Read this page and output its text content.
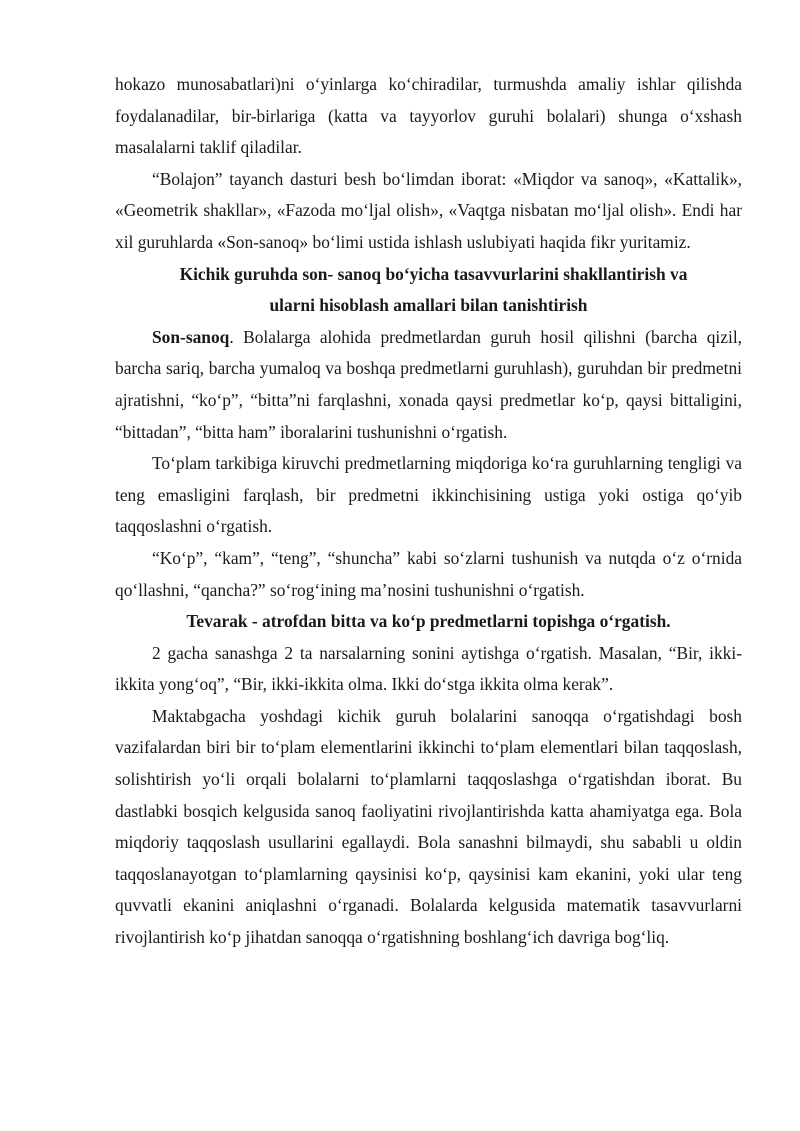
hokazo munosabatlari)ni o‘yinlarga ko‘chiradilar, turmushda amaliy ishlar qilishda foydalanadilar, bir-birlariga (katta va tayyorlov guruhi bolalari) shunga o‘xshash masalalarni taklif qiladilar.

“Bolajon” tayanch dasturi besh bo‘limdan iborat: «Miqdor va sanoq», «Kattalik», «Geometrik shakllar», «Fazoda mo‘ljal olish», «Vaqtga nisbatan mo‘ljal olish». Endi har xil guruhlarda «Son-sanoq» bo‘limi ustida ishlash uslubiyati haqida fikr yuritamiz.

Kichik guruhda son- sanoq bo‘yicha tasavvurlarini shakllantirish va

ularni hisoblash amallari bilan tanishtirish

Son-sanoq. Bolalarga alohida predmetlardan guruh hosil qilishni (barcha qizil, barcha sariq, barcha yumaloq va boshqa predmetlarni guruhlash), guruhdan bir predmetni ajratishni, “ko‘p”, “bitta”ni farqlashni, xonada qaysi predmetlar ko‘p, qaysi bittaligini, “bittadan”, “bitta ham” iboralarini tushunishni o‘rgatish.

To‘plam tarkibiga kiruvchi predmetlarning miqdoriga ko‘ra guruhlarning tengligi va teng emasligini farqlash, bir predmetni ikkinchisining ustiga yoki ostiga qo‘yib taqqoslashni o‘rgatish.

“Ko‘p”, “kam”, “teng”, “shuncha” kabi so‘zlarni tushunish va nutqda o‘z o‘rnida qo‘llashni, “qancha?” so‘rog‘ining ma’nosini tushunishni o‘rgatish.

Tevarak - atrofdan bitta va ko‘p predmetlarni topishga o‘rgatish.

2 gacha sanashga 2 ta narsalarning sonini aytishga o‘rgatish. Masalan, “Bir, ikki-ikkita yong‘oq”, “Bir, ikki-ikkita olma. Ikki do‘stga ikkita olma kerak”.

Maktabgacha yoshdagi kichik guruh bolalarini sanoqqa o‘rgatishdagi bosh vazifalardan biri bir to‘plam elementlarini ikkinchi to‘plam elementlari bilan taqqoslash, solishtirish yo‘li orqali bolalarni to‘plamlarni taqqoslashga o‘rgatishdan iborat. Bu dastlabki bosqich kelgusida sanoq faoliyatini rivojlantirishda katta ahamiyatga ega. Bola miqdoriy taqqoslash usullarini egallaydi. Bola sanashni bilmaydi, shu sababli u oldin taqqoslanayotgan to‘plamlarning qaysinisi ko‘p, qaysinisi kam ekanini, yoki ular teng quvvatli ekanini aniqlashni o‘rganadi. Bolalarda kelgusida matematik tasavvurlarni rivojlantirish ko‘p jihatdan sanoqqa o‘rgatishning boshlang‘ich davriga bog‘liq.
